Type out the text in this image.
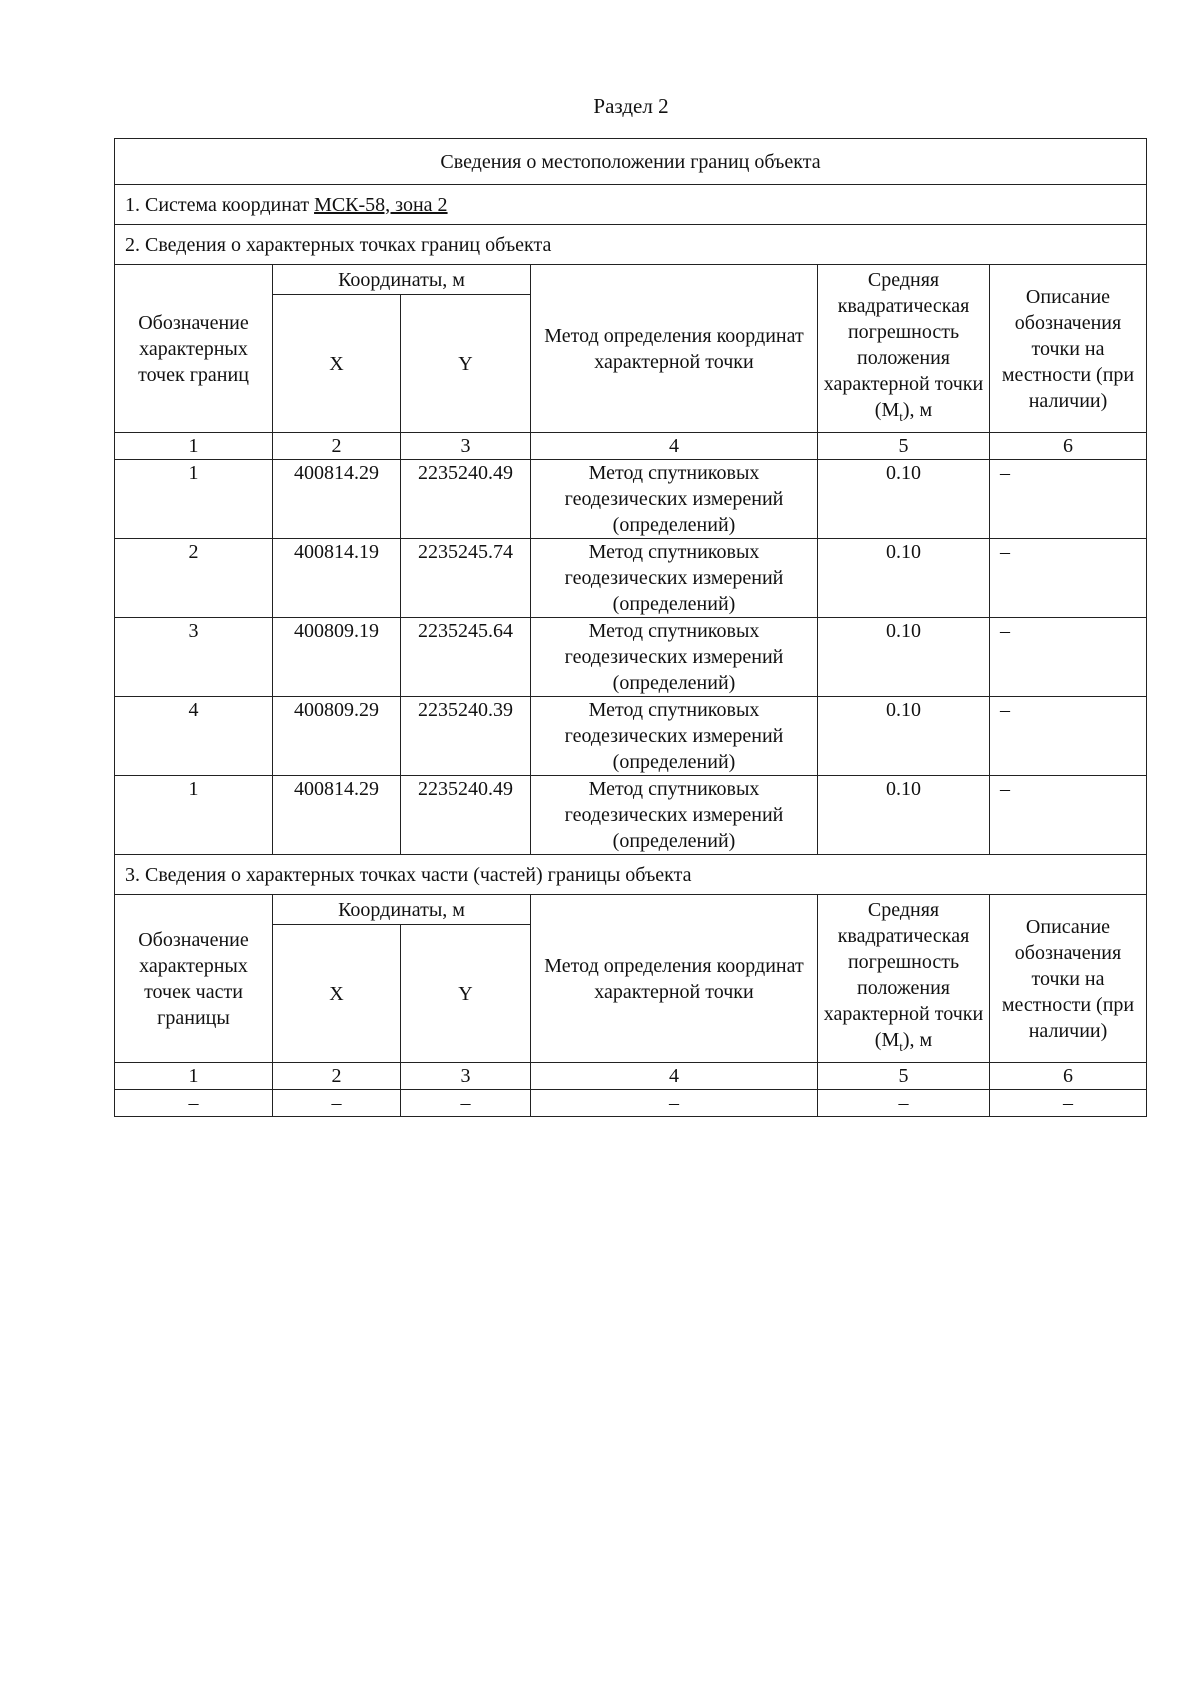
Раздел 2
Сведения о местоположении границ объекта					
1. Система координат МСК-58, зона 2					
2. Сведения о характерных точках границ объекта					
Обозначение характерных точек границ	Координаты, м		Метод определения координат характерной точки	Средняя квадратическая погрешность положения характерной точки $(M_t)$, м	Описание обозначения точки на местности (при наличии)
	X	Y			
1	2	3	4	5	6
1	400814.29	2235240.49	Метод спутниковых геодезических измерений (определений)	0.10	–
2	400814.19	2235245.74	Метод спутниковых геодезических измерений (определений)	0.10	–
3	400809.19	2235245.64	Метод спутниковых геодезических измерений (определений)	0.10	–
4	400809.29	2235240.39	Метод спутниковых геодезических измерений (определений)	0.10	–
1	400814.29	2235240.49	Метод спутниковых геодезических измерений (определений)	0.10	–
3. Сведения о характерных точках части (частей) границы объекта					
Обозначение характерных точек части границы	Координаты, м		Метод определения координат характерной точки	Средняя квадратическая погрешность положения характерной точки $(M_t)$, м	Описание обозначения точки на местности (при наличии)
	X	Y			
1	2	3	4	5	6
–	–	–	–	–	–
